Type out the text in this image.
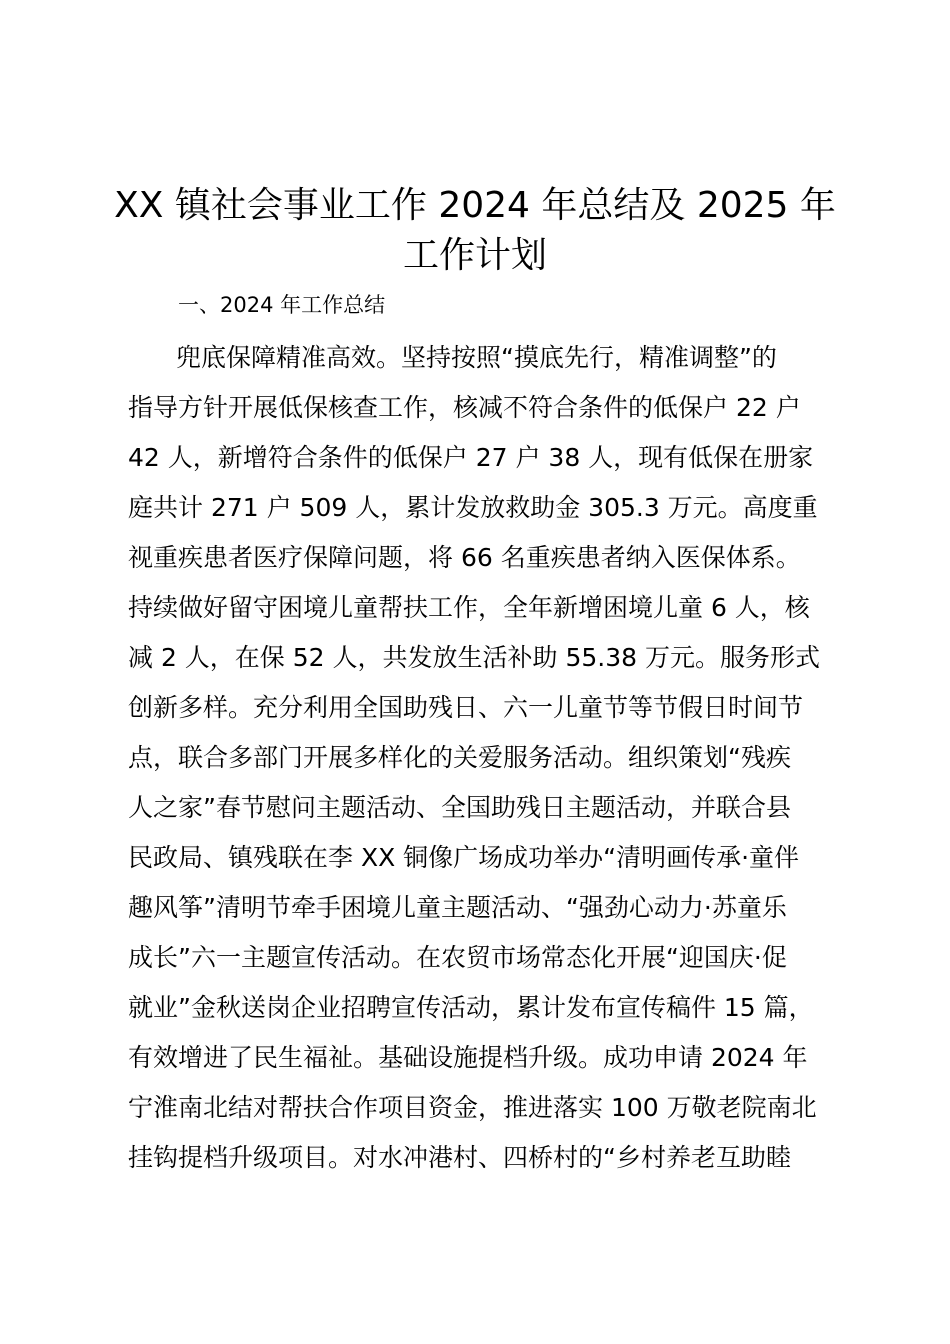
XX 镇社会事业工作 2024 年总结及 2025 年
工作计划

一、2024 年工作总结

兜底保障精准高效。坚持按照“摸底先行，精准调整”的
指导方针开展低保核查工作，核减不符合条件的低保户 22 户
42 人，新增符合条件的低保户 27 户 38 人，现有低保在册家
庭共计 271 户 509 人，累计发放救助金 305.3 万元。高度重
视重疾患者医疗保障问题，将 66 名重疾患者纳入医保体系。
持续做好留守困境儿童帮扶工作，全年新增困境儿童 6 人，核
减 2 人，在保 52 人，共发放生活补助 55.38 万元。服务形式
创新多样。充分利用全国助残日、六一儿童节等节假日时间节
点，联合多部门开展多样化的关爱服务活动。组织策划“残疾
人之家”春节慰问主题活动、全国助残日主题活动，并联合县
民政局、镇残联在李 XX 铜像广场成功举办“清明画传承·童伴
趣风筝”清明节牵手困境儿童主题活动、“强劲心动力·苏童乐
成长”六一主题宣传活动。在农贸市场常态化开展“迎国庆·促
就业”金秋送岗企业招聘宣传活动，累计发布宣传稿件 15 篇，
有效增进了民生福祉。基础设施提档升级。成功申请 2024 年
宁淮南北结对帮扶合作项目资金，推进落实 100 万敬老院南北
挂钩提档升级项目。对水冲港村、四桥村的“乡村养老互助睦
